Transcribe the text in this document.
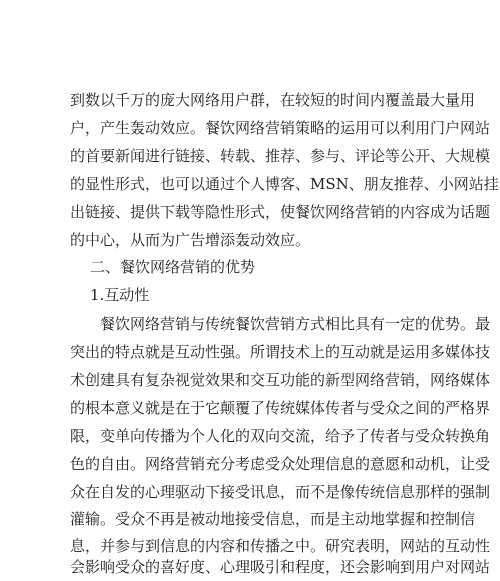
到数以千万的庞大网络用户群，在较短的时间内覆盖最大量用
户，产生轰动效应。餐饮网络营销策略的运用可以利用门户网站
的首要新闻进行链接、转载、推荐、参与、评论等公开、大规模
的显性形式，也可以通过个人博客、MSN、朋友推荐、小网站挂
出链接、提供下载等隐性形式，使餐饮网络营销的内容成为话题
的中心，从而为广告增添轰动效应。
二、餐饮网络营销的优势
1.互动性
餐饮网络营销与传统餐饮营销方式相比具有一定的优势。最
突出的特点就是互动性强。所谓技术上的互动就是运用多媒体技
术创建具有复杂视觉效果和交互功能的新型网络营销，网络媒体
的根本意义就是在于它颠覆了传统媒体传者与受众之间的严格界
限，变单向传播为个人化的双向交流，给予了传者与受众转换角
色的自由。网络营销充分考虑受众处理信息的意愿和动机，让受
众在自发的心理驱动下接受讯息，而不是像传统信息那样的强制
灌输。受众不再是被动地接受信息，而是主动地掌握和控制信
息，并参与到信息的内容和传播之中。研究表明，网站的互动性
会影响受众的喜好度、心理吸引和程度，还会影响到用户对网站
